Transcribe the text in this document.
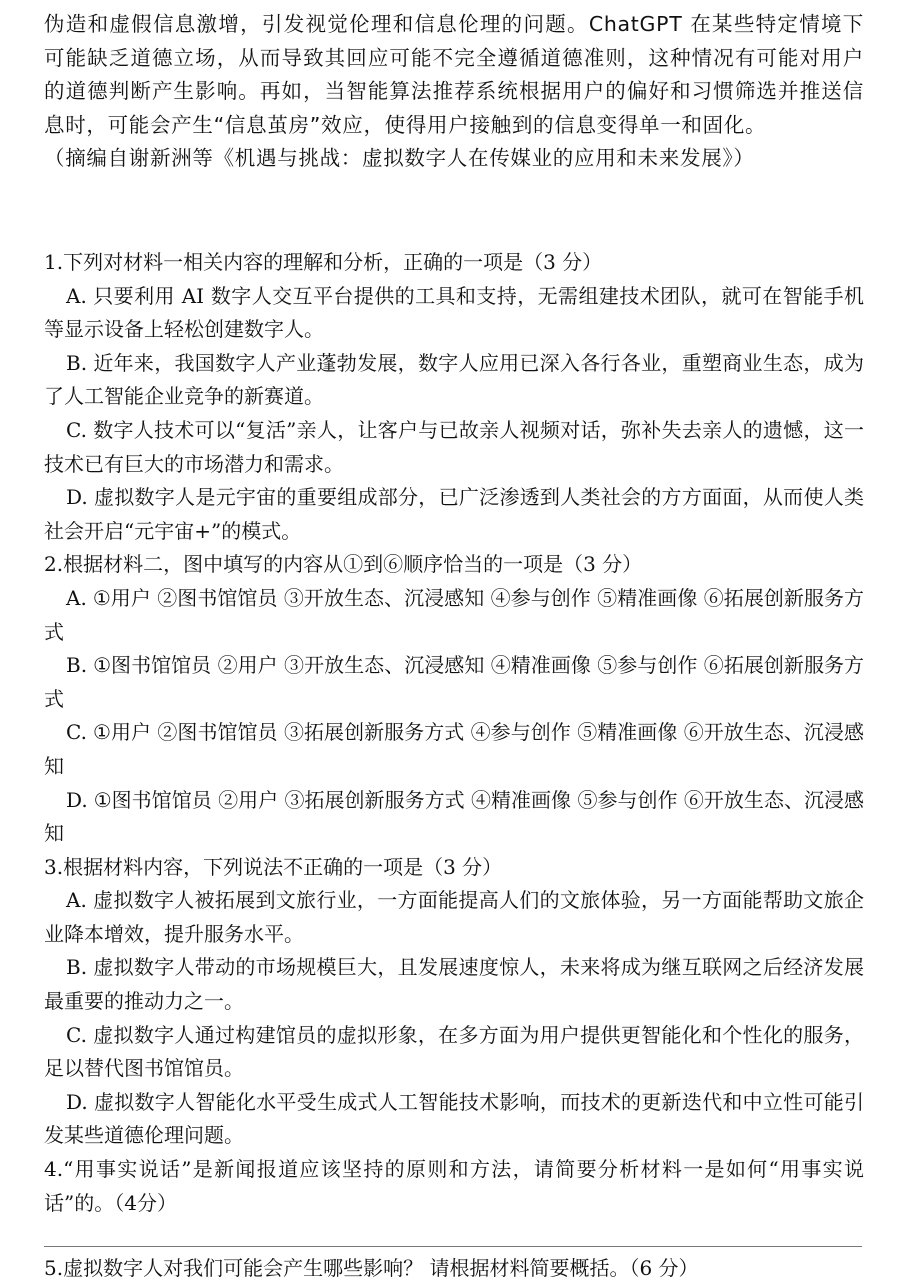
伪造和虚假信息激增，引发视觉伦理和信息伦理的问题。ChatGPT 在某些特定情境下可能缺乏道德立场，从而导致其回应可能不完全遵循道德准则，这种情况有可能对用户的道德判断产生影响。再如，当智能算法推荐系统根据用户的偏好和习惯筛选并推送信息时，可能会产生“信息茧房”效应，使得用户接触到的信息变得单一和固化。

（摘编自谢新洲等《机遇与挑战：虚拟数字人在传媒业的应用和未来发展》）

1.下列对材料一相关内容的理解和分析，正确的一项是（3 分）

A. 只要利用 AI 数字人交互平台提供的工具和支持，无需组建技术团队，就可在智能手机等显示设备上轻松创建数字人。

B. 近年来，我国数字人产业蓬勃发展，数字人应用已深入各行各业，重塑商业生态，成为了人工智能企业竞争的新赛道。

C. 数字人技术可以“复活”亲人，让客户与已故亲人视频对话，弥补失去亲人的遗憾，这一技术已有巨大的市场潜力和需求。

D. 虚拟数字人是元宇宙的重要组成部分，已广泛渗透到人类社会的方方面面，从而使人类社会开启“元宇宙+”的模式。

2.根据材料二，图中填写的内容从①到⑥顺序恰当的一项是（3 分）

A. ①用户 ②图书馆馆员 ③开放生态、沉浸感知 ④参与创作 ⑤精准画像 ⑥拓展创新服务方式

B. ①图书馆馆员 ②用户 ③开放生态、沉浸感知 ④精准画像 ⑤参与创作 ⑥拓展创新服务方式

C. ①用户 ②图书馆馆员 ③拓展创新服务方式 ④参与创作 ⑤精准画像 ⑥开放生态、沉浸感知

D. ①图书馆馆员 ②用户 ③拓展创新服务方式 ④精准画像 ⑤参与创作 ⑥开放生态、沉浸感知

3.根据材料内容，下列说法不正确的一项是（3 分）

A. 虚拟数字人被拓展到文旅行业，一方面能提高人们的文旅体验，另一方面能帮助文旅企业降本增效，提升服务水平。

B. 虚拟数字人带动的市场规模巨大，且发展速度惊人，未来将成为继互联网之后经济发展最重要的推动力之一。

C. 虚拟数字人通过构建馆员的虚拟形象，在多方面为用户提供更智能化和个性化的服务，足以替代图书馆馆员。

D. 虚拟数字人智能化水平受生成式人工智能技术影响，而技术的更新迭代和中立性可能引发某些道德伦理问题。

4.“用事实说话”是新闻报道应该坚持的原则和方法，请简要分析材料一是如何“用事实说话”的。（4分）

5.虚拟数字人对我们可能会产生哪些影响？ 请根据材料简要概括。（6 分）
